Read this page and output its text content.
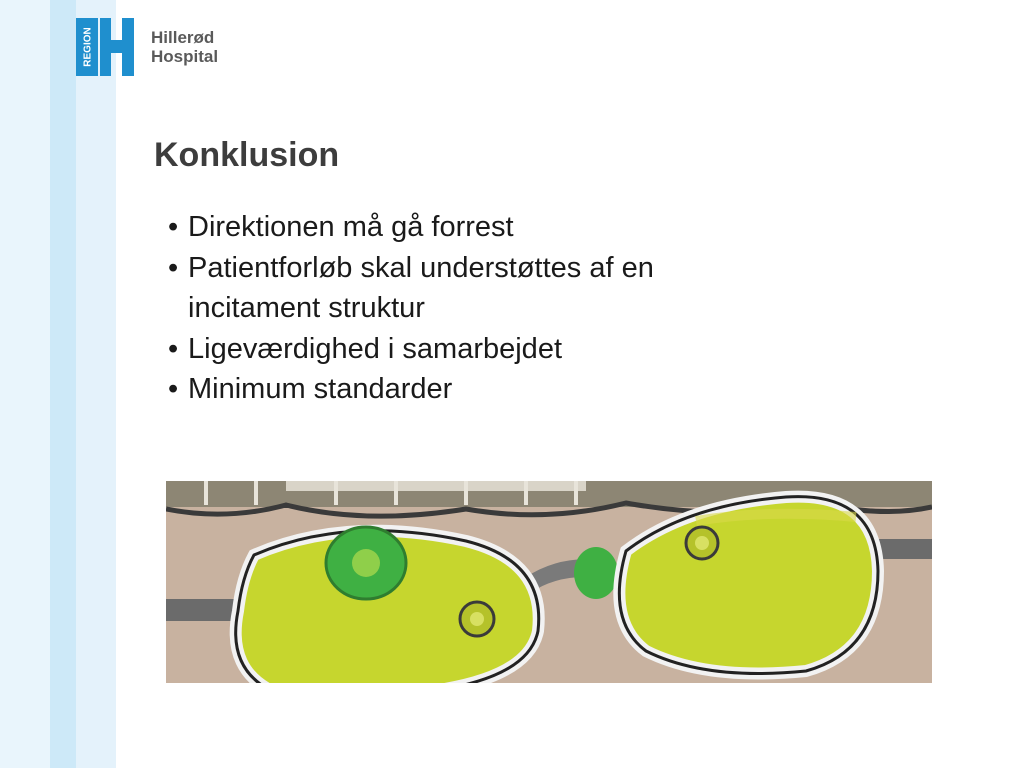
REGION	Hillerød
Hospital
Konklusion
• Direktionen må gå forrest
• Patientforløb skal understøttes af en incitament struktur
• Ligeværdighed i samarbejdet
• Minimum standarder
